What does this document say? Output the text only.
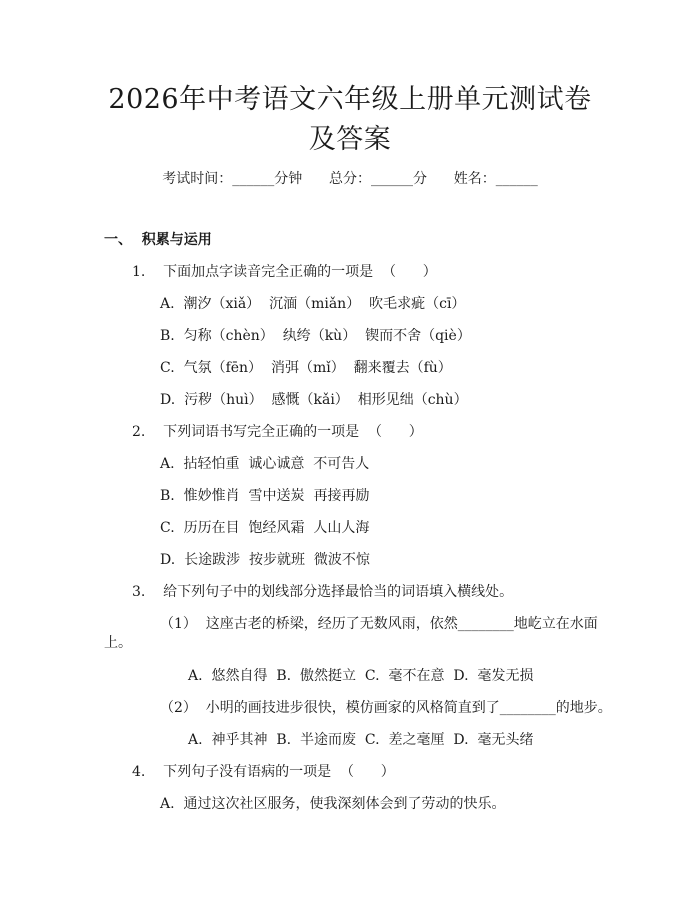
2026年中考语文六年级上册单元测试卷及答案
考试时间：______分钟      总分：______分      姓名：______
一、  积累与运用
1.    下面加点字读音完全正确的一项是  （      ）
A.  潮汐（xiǎ）  沉湎（miǎn）  吹毛求疵（cī）
B.  匀称（chèn）  纨绔（kù）  锲而不舍（qiè）
C.  气氛（fēn）  消弭（mǐ）  翻来覆去（fù）
D.  污秽（huì）  感慨（kǎi）  相形见绌（chù）
2.    下列词语书写完全正确的一项是  （      ）
A.  拈轻怕重  诚心诚意  不可告人
B.  惟妙惟肖  雪中送炭  再接再励
C.  历历在目  饱经风霜  人山人海
D.  长途跋涉  按步就班  微波不惊
3.    给下列句子中的划线部分选择最恰当的词语填入横线处。
（1）  这座古老的桥梁，经历了无数风雨，依然________地屹立在水面
上。
A.  悠然自得  B.  傲然挺立  C.  毫不在意  D.  毫发无损
（2）  小明的画技进步很快，模仿画家的风格简直到了________的地步。
A.  神乎其神  B.  半途而废  C.  差之毫厘  D.  毫无头绪
4.    下列句子没有语病的一项是  （      ）
A.  通过这次社区服务，使我深刻体会到了劳动的快乐。
